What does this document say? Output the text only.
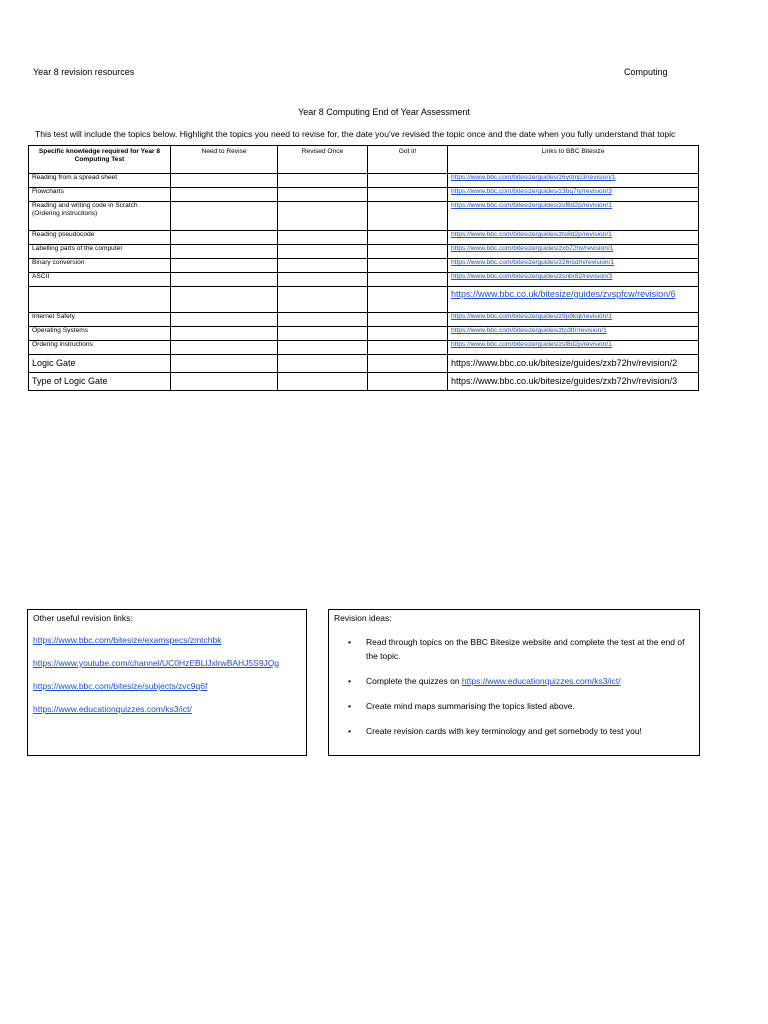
Year 8 revision resources	Computing
Year 8 Computing End of Year Assessment
This test will include the topics below. Highlight the topics you need to revise for, the date you've revised the topic once and the date when you fully understand that topic
Specific knowledge required for Year 8 Computing Test	Need to Revise	Revised Once	Got it!	Links to BBC Bitesize
Reading from a spread sheet				https://www.bbc.com/bitesize/guides/z6ydmp3/revision/1
Flowcharts				https://www.bbc.com/bitesize/guides/z3bq7ty/revision/3
Reading and writing code in Scratch (Ordering instructions)				https://www.bbc.com/bitesize/guides/zsf8d2p/revision/1
Reading pseudocode				https://www.bbc.com/bitesize/guides/zts8d2p/revision/1
Labelling parts of the computer				https://www.bbc.com/bitesize/guides/zxb72hv/revision/1
Binary conversion				https://www.bbc.com/bitesize/guides/z26rcdm/revision/1
ASCII				https://www.bbc.com/bitesize/guides/zsnbr82/revision/3
				https://www.bbc.co.uk/bitesize/guides/zvspfcw/revision/6
Internet Safety				https://www.bbc.com/bitesize/guides/z9p9kqt/revision/1
Operating Systems				https://www.bbc.com/bitesize/guides/ztcdtfr/revision/1
Ordering instructions				https://www.bbc.com/bitesize/guides/zsf8d2p/revision/1
Logic Gate				https://www.bbc.co.uk/bitesize/guides/zxb72hv/revision/2
Type of Logic Gate				https://www.bbc.co.uk/bitesize/guides/zxb72hv/revision/3
Other useful revision links:
https://www.bbc.com/bitesize/examspecs/zmtchbk
https://www.youtube.com/channel/UC0HzEBLlJxlrwBAHJ5S9JQg
https://www.bbc.com/bitesize/subjects/zvc9q6f
https://www.educationquizzes.com/ks3/ict/
Revision ideas:
• Read through topics on the BBC Bitesize website and complete the test at the end of the topic.
• Complete the quizzes on https://www.educationquizzes.com/ks3/ict/
• Create mind maps summarising the topics listed above.
• Create revision cards with key terminology and get somebody to test you!
